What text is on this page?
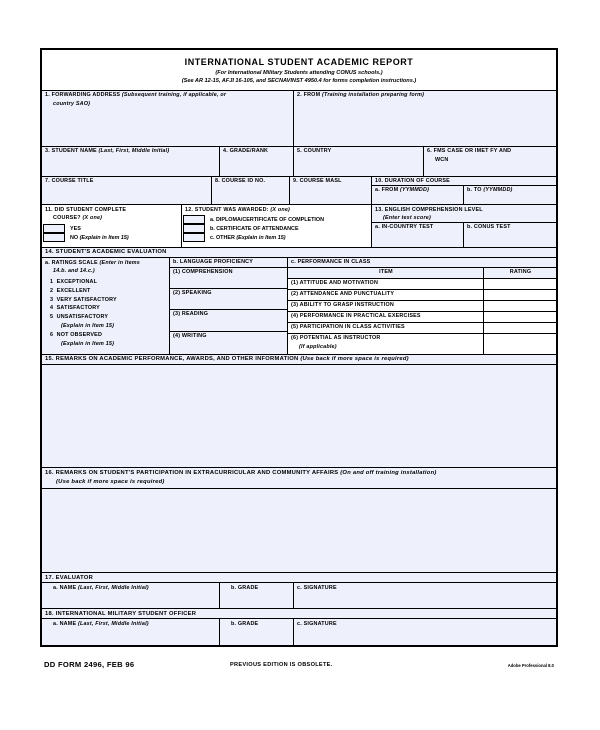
INTERNATIONAL STUDENT ACADEMIC REPORT
(For International Military Students attending CONUS schools.)
(See AR 12-15, AFJI 16-105, and SECNAVINST 4950.4 for forms completion instructions.)
1. FORWARDING ADDRESS (Subsequent training, if applicable, or
country SAO)
2. FROM (Training installation preparing form)
3. STUDENT NAME (Last, First, Middle Initial)	4. GRADE/RANK	5. COUNTRY	6. FMS CASE OR IMET FY AND
WCN
7. COURSE TITLE	8. COURSE ID NO.	9. COURSE MASL	10. DURATION OF COURSE
a. FROM (YYMMDD)	b. TO (YYMMDD)
11. DID STUDENT COMPLETE
COURSE? (X one)
YES
NO (Explain in Item 15)
12. STUDENT WAS AWARDED: (X one)
a. DIPLOMA/CERTIFICATE OF COMPLETION
b. CERTIFICATE OF ATTENDANCE
c. OTHER (Explain in Item 15)
13. ENGLISH COMPREHENSION LEVEL
(Enter test score)
a. IN-COUNTRY TEST	b. CONUS TEST
14. STUDENT'S ACADEMIC EVALUATION
a. RATINGS SCALE (Enter in Items
14.b. and 14.c.)
1 EXCEPTIONAL
2 EXCELLENT
3 VERY SATISFACTORY
4 SATISFACTORY
5 UNSATISFACTORY
(Explain in Item 15)
6 NOT OBSERVED
(Explain in Item 15)
b. LANGUAGE PROFICIENCY
(1) COMPREHENSION
(2) SPEAKING
(3) READING
(4) WRITING
c. PERFORMANCE IN CLASS
ITEM	RATING
(1) ATTITUDE AND MOTIVATION
(2) ATTENDANCE AND PUNCTUALITY
(3) ABILITY TO GRASP INSTRUCTION
(4) PERFORMANCE IN PRACTICAL EXERCISES
(5) PARTICIPATION IN CLASS ACTIVITIES
(6) POTENTIAL AS INSTRUCTOR
(If applicable)
15. REMARKS ON ACADEMIC PERFORMANCE, AWARDS, AND OTHER INFORMATION (Use back if more space is required)
16. REMARKS ON STUDENT'S PARTICIPATION IN EXTRACURRICULAR AND COMMUNITY AFFAIRS (On and off training installation)
(Use back if more space is required)
17. EVALUATOR
a. NAME (Last, First, Middle Initial)	b. GRADE	c. SIGNATURE
18. INTERNATIONAL MILITARY STUDENT OFFICER
a. NAME (Last, First, Middle Initial)	b. GRADE	c. SIGNATURE
DD FORM 2496, FEB 96	PREVIOUS EDITION IS OBSOLETE.	Adobe Professional 8.0
